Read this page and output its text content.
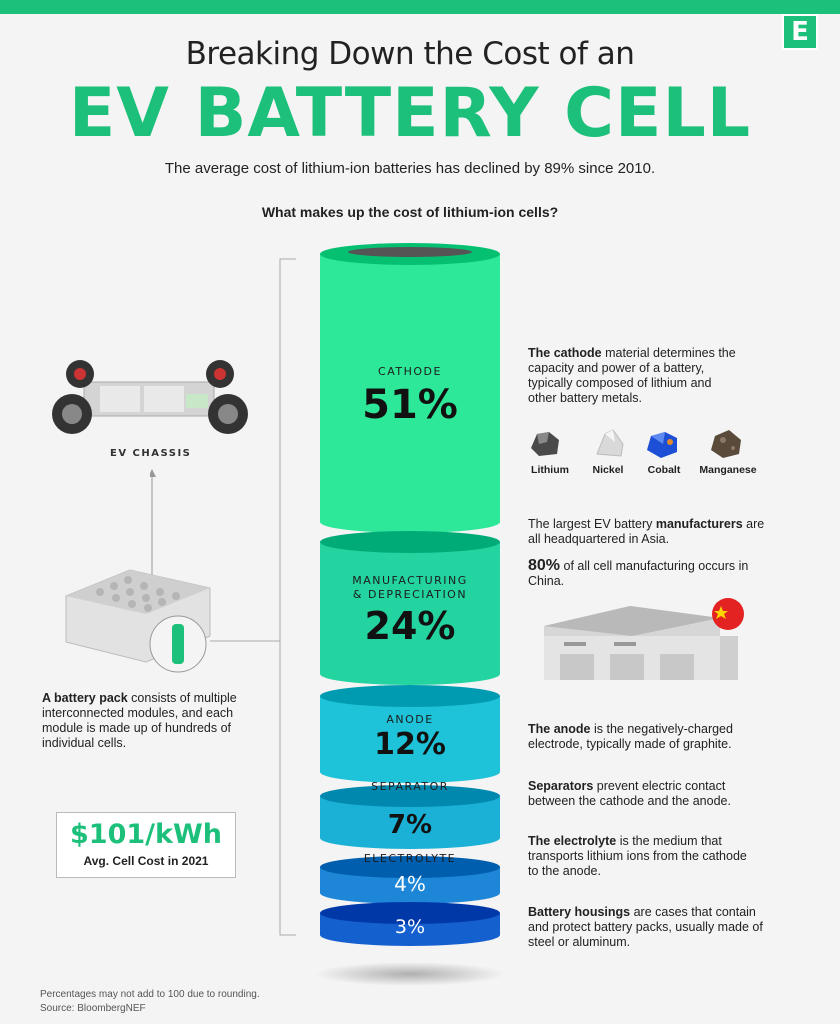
E
Breaking Down the Cost of an
EV BATTERY CELL
The average cost of lithium-ion batteries has declined by 89% since 2010.
What makes up the cost of lithium-ion cells?
CATHODE
51%
MANUFACTURING
& DEPRECIATION
24%
ANODE
12%
SEPARATOR
7%
ELECTROLYTE
4%
3%
The cathode material determines the capacity and power of a battery, typically composed of lithium and other battery metals.
Lithium	Nickel	Cobalt	Manganese
The largest EV battery manufacturers are all headquartered in Asia.
80% of all cell manufacturing occurs in China.
The anode is the negatively-charged electrode, typically made of graphite.
Separators prevent electric contact between the cathode and the anode.
The electrolyte is the medium that transports lithium ions from the cathode to the anode.
Battery housings are cases that contain and protect battery packs, usually made of steel or aluminum.
EV CHASSIS
A battery pack consists of multiple interconnected modules, and each module is made up of hundreds of individual cells.
$101/kWh
Avg. Cell Cost in 2021
Percentages may not add to 100 due to rounding.
Source: BloombergNEF
